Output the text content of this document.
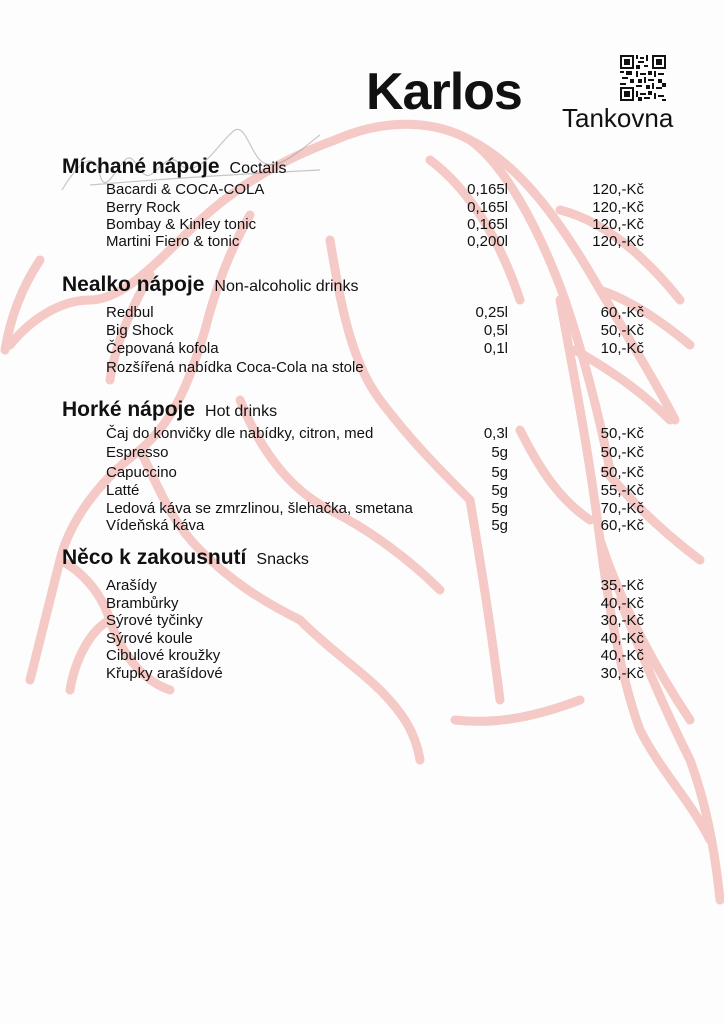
Karlos Tankovna
Míchané nápoje Coctails
Bacardi & COCA-COLA	0,165l	120,-Kč
Berry Rock	0,165l	120,-Kč
Bombay & Kinley tonic	0,165l	120,-Kč
Martini Fiero & tonic	0,200l	120,-Kč
Nealko nápoje Non-alcoholic drinks
Redbul	0,25l	60,-Kč
Big Shock	0,5l	50,-Kč
Čepovaná kofola	0,1l	10,-Kč
Rozšířená nabídka Coca-Cola na stole
Horké nápoje Hot drinks
Čaj do konvičky dle nabídky, citron, med	0,3l	50,-Kč
Espresso	5g	50,-Kč
Capuccino	5g	50,-Kč
Latté	5g	55,-Kč
Ledová káva se zmrzlinou, šlehačka, smetana	5g	70,-Kč
Vídeňská káva	5g	60,-Kč
Něco k zakousnutí Snacks
Arašídy	35,-Kč
Brambůrky	40,-Kč
Sýrové tyčinky	30,-Kč
Sýrové koule	40,-Kč
Cibulové kroužky	40,-Kč
Křupky arašídové	30,-Kč
